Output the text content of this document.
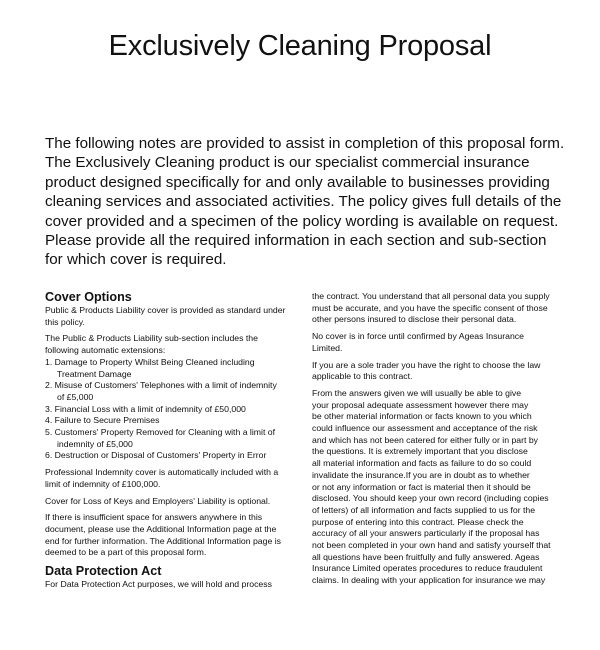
Exclusively Cleaning Proposal
The following notes are provided to assist in completion of this proposal form.
The Exclusively Cleaning product is our specialist commercial insurance
product designed specifically for and only available to businesses providing
cleaning services and associated activities. The policy gives full details of the
cover provided and a specimen of the policy wording is available on request.
Please provide all the required information in each section and sub-section
for which cover is required.
Cover Options
Public & Products Liability cover is provided as standard under
this policy.
The Public & Products Liability sub-section includes the
following automatic extensions:
1. Damage to Property Whilst Being Cleaned including
Treatment Damage
2. Misuse of Customers' Telephones with a limit of indemnity
of £5,000
3. Financial Loss with a limit of indemnity of £50,000
4. Failure to Secure Premises
5. Customers' Property Removed for Cleaning with a limit of
indemnity of £5,000
6. Destruction or Disposal of Customers' Property in Error
Professional Indemnity cover is automatically included with a
limit of indemnity of £100,000.
Cover for Loss of Keys and Employers' Liability is optional.
If there is insufficient space for answers anywhere in this
document, please use the Additional Information page at the
end for further information. The Additional Information page is
deemed to be a part of this proposal form.
Data Protection Act
For Data Protection Act purposes, we will hold and process
the contract. You understand that all personal data you supply
must be accurate, and you have the specific consent of those
other persons insured to disclose their personal data.
No cover is in force until confirmed by Ageas Insurance
Limited.
If you are a sole trader you have the right to choose the law
applicable to this contract.
From the answers given we will usually be able to give
your proposal adequate assessment however there may
be other material information or facts known to you which
could influence our assessment and acceptance of the risk
and which has not been catered for either fully or in part by
the questions. It is extremely important that you disclose
all material information and facts as failure to do so could
invalidate the insurance.If you are in doubt as to whether
or not any information or fact is material then it should be
disclosed. You should keep your own record (including copies
of letters) of all information and facts supplied to us for the
purpose of entering into this contract. Please check the
accuracy of all your answers particularly if the proposal has
not been completed in your own hand and satisfy yourself that
all questions have been fruitfully and fully answered. Ageas
Insurance Limited operates procedures to reduce fraudulent
claims. In dealing with your application for insurance we may
